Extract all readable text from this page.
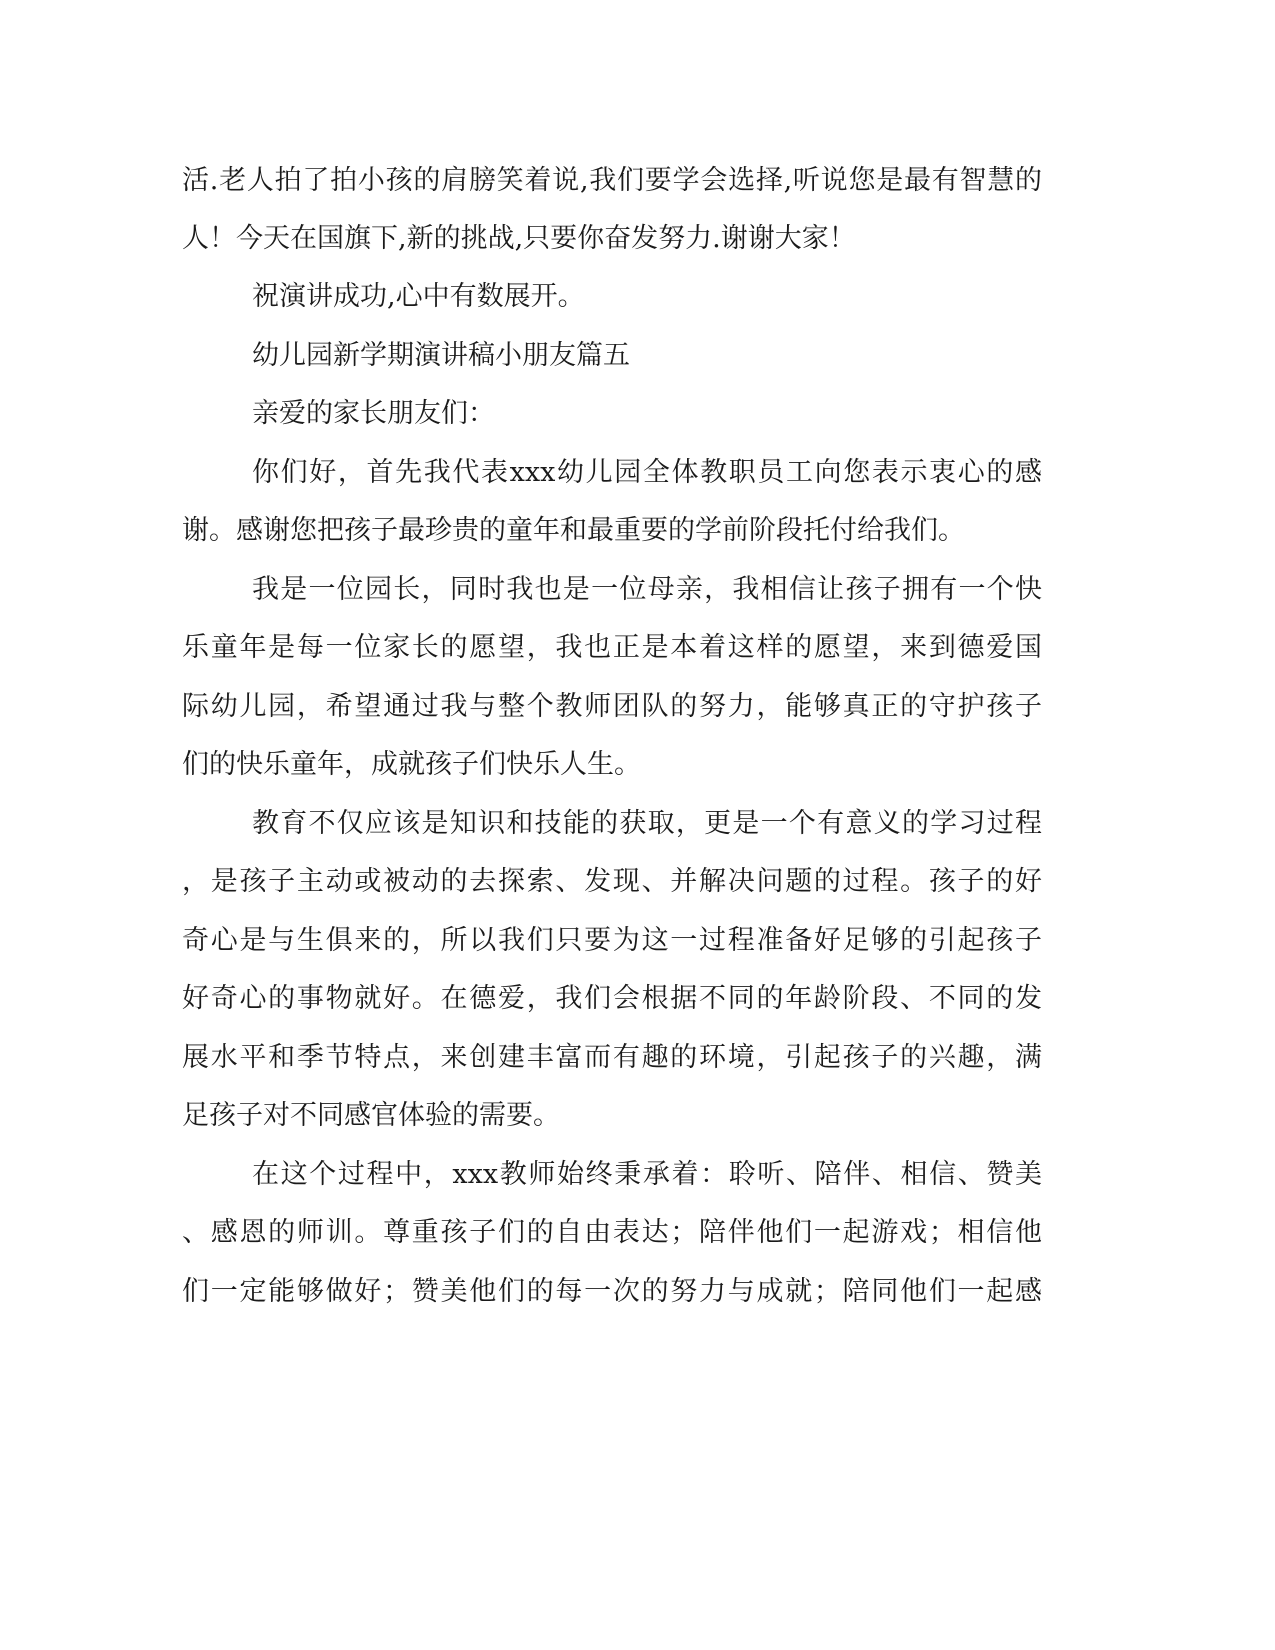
活.老人拍了拍小孩的肩膀笑着说,我们要学会选择,听说您是最有智慧的

人！今天在国旗下,新的挑战,只要你奋发努力.谢谢大家！

祝演讲成功,心中有数展开。

幼儿园新学期演讲稿小朋友篇五

亲爱的家长朋友们：

你们好，首先我代表xxx幼儿园全体教职员工向您表示衷心的感

谢。感谢您把孩子最珍贵的童年和最重要的学前阶段托付给我们。

我是一位园长，同时我也是一位母亲，我相信让孩子拥有一个快

乐童年是每一位家长的愿望，我也正是本着这样的愿望，来到德爱国

际幼儿园，希望通过我与整个教师团队的努力，能够真正的守护孩子

们的快乐童年，成就孩子们快乐人生。

教育不仅应该是知识和技能的获取，更是一个有意义的学习过程

，是孩子主动或被动的去探索、发现、并解决问题的过程。孩子的好

奇心是与生俱来的，所以我们只要为这一过程准备好足够的引起孩子

好奇心的事物就好。在德爱，我们会根据不同的年龄阶段、不同的发

展水平和季节特点，来创建丰富而有趣的环境，引起孩子的兴趣，满

足孩子对不同感官体验的需要。

在这个过程中，xxx教师始终秉承着：聆听、陪伴、相信、赞美

、感恩的师训。尊重孩子们的自由表达；陪伴他们一起游戏；相信他

们一定能够做好；赞美他们的每一次的努力与成就；陪同他们一起感
